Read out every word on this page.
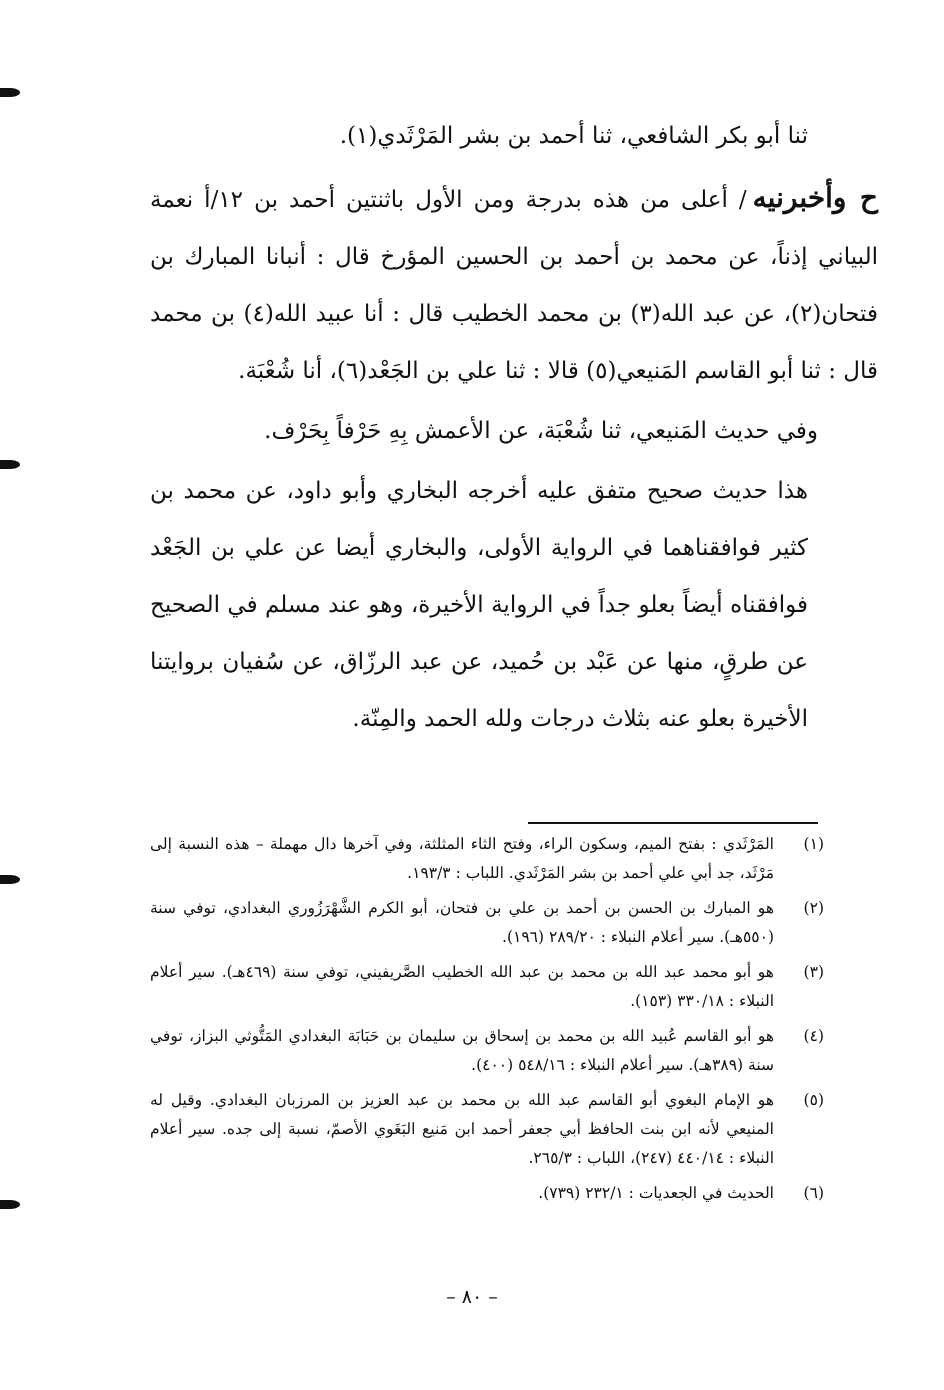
ثنا أبو بكر الشافعي، ثنا أحمد بن بشر المَرْثَدي(١).

ح وأخبرنيه/ أعلى من هذه بدرجة ومن الأول باثنتين أحمد بن ١٢/أ نعمة البياني إذناً، عن محمد بن أحمد بن الحسين المؤرخ قال : أنبانا المبارك بن فتحان(٢)، عن عبد الله(٣) بن محمد الخطيب قال : أنا عبيد الله(٤) بن محمد قال : ثنا أبو القاسم المَنيعي(٥) قالا : ثنا علي بن الجَعْد(٦)، أنا شُعْبَة.

وفي حديث المَنيعي، ثنا شُعْبَة، عن الأعمش بِهِ حَرْفاً بِحَرْف.

هذا حديث صحيح متفق عليه أخرجه البخاري وأبو داود، عن محمد بن كثير فوافقناهما في الرواية الأولى، والبخاري أيضا عن علي بن الجَعْد فوافقناه أيضاً بعلو جداً في الرواية الأخيرة، وهو عند مسلم في الصحيح عن طرقٍ، منها عن عَبْد بن حُميد، عن عبد الرزّاق، عن سُفيان بروايتنا الأخيرة بعلو عنه بثلاث درجات ولله الحمد والمِنّة.

(١)
المَرْثَدي : بفتح الميم، وسكون الراء، وفتح الثاء المثلثة، وفي آخرها دال مهملة – هذه النسبة إلى مَرْثَد، جد أبي علي أحمد بن بشر المَرْثَدي. اللباب : ١٩٣/٣.
(٢)
هو المبارك بن الحسن بن أحمد بن علي بن فتحان، أبو الكرم الشَّهْرَزُوري البغدادي، توفي سنة (٥٥٠هـ). سير أعلام النبلاء : ٢٨٩/٢٠ (١٩٦).
(٣)
هو أبو محمد عبد الله بن محمد بن عبد الله الخطيب الصَّريفيني، توفي سنة (٤٦٩هـ). سير أعلام النبلاء : ٣٣٠/١٨ (١٥٣).
(٤)
هو أبو القاسم عُبيد الله بن محمد بن إسحاق بن سليمان بن حَبَابَة البغدادي المَتُّوثي البزاز، توفي سنة (٣٨٩هـ). سير أعلام النبلاء : ٥٤٨/١٦ (٤٠٠).
(٥)
هو الإمام البغوي أبو القاسم عبد الله بن محمد بن عبد العزيز بن المرزبان البغدادي. وقيل له المنيعي لأنه ابن بنت الحافظ أبي جعفر أحمد ابن مَنيع البَغَوي الأصمّ، نسبة إلى جده. سير أعلام النبلاء : ٤٤٠/١٤ (٢٤٧)، اللباب : ٢٦٥/٣.
(٦)
الحديث في الجعديات : ٢٣٢/١ (٧٣٩).
– ٨٠ –
